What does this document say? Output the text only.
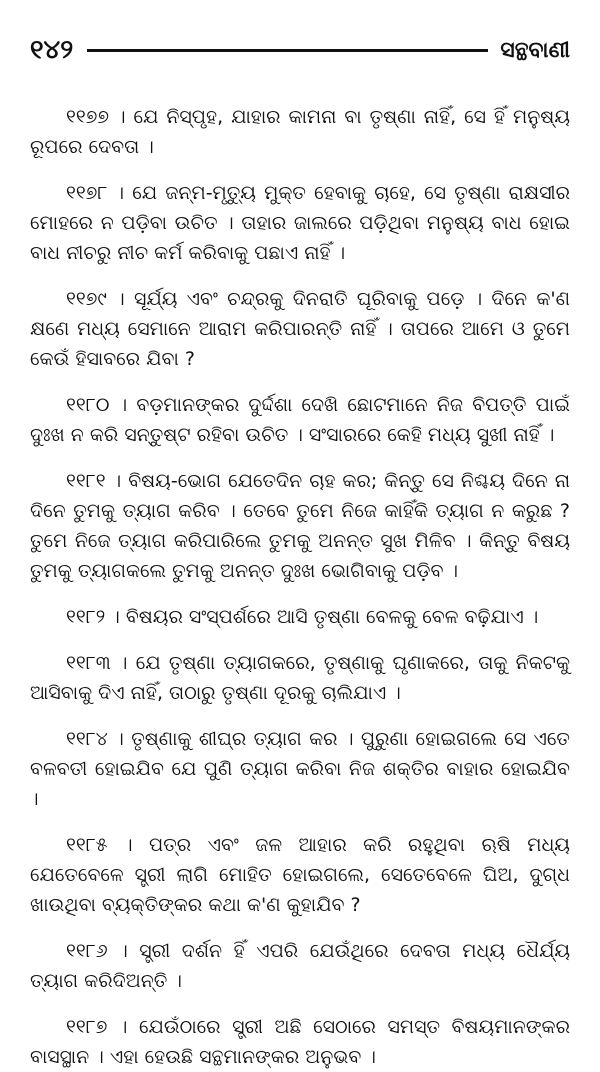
୧୪୨	ସନ୍ଥବାଣୀ

୧୧୭୭ । ଯେ ନିସ୍ପୃହ, ଯାହାର କାମନା ବା ତୃଷ୍ଣା ନାହିଁ, ସେ ହିଁ ମନୁଷ୍ୟ ରୂପରେ ଦେବତା ।

୧୧୭୮ । ଯେ ଜନ୍ମ-ମୃତ୍ୟୁ ମୁକ୍ତ ହେବାକୁ ଚାହେ, ସେ ତୃଷ୍ଣା ରାକ୍ଷସୀର ମୋହରେ ନ ପଡ଼ିବା ଉଚିତ । ତାହାର ଜାଲରେ ପଡ଼ିଥିବା ମନୁଷ୍ୟ ବାଧ ହୋଇ ବାଧ ନୀଚରୁ ନୀଚ କର୍ମ କରିବାକୁ ପଛାଏ ନାହିଁ ।

୧୧୭୯ । ସୂର୍ଯ୍ୟ ଏବଂ ଚନ୍ଦ୍ରକୁ ଦିନରାତି ଘୂରିବାକୁ ପଡ଼େ । ଦିନେ କ'ଣ କ୍ଷଣେ ମଧ୍ୟ ସେମାନେ ଆରାମ କରିପାରନ୍ତି ନାହିଁ । ତାପରେ ଆମେ ଓ ତୁମେ କେଉଁ ହିସାବରେ ଯିବା ?

୧୧୮୦ । ବଡ଼ମାନଙ୍କର ଦୁର୍ଦ୍ଦଶା ଦେଖି ଛୋଟମାନେ ନିଜ ବିପତ୍ତି ପାଇଁ ଦୁଃଖ ନ କରି ସନ୍ତୁଷ୍ଟ ରହିବା ଉଚିତ । ସଂସାରରେ କେହି ମଧ୍ୟ ସୁଖୀ ନାହିଁ ।

୧୧୮୧ । ବିଷୟ-ଭୋଗ ଯେତେଦିନ ଚାହ କର; କିନ୍ତୁ ସେ ନିଶ୍ଚୟ ଦିନେ ନା ଦିନେ ତୁମକୁ ତ୍ୟାଗ କରିବ । ତେବେ ତୁମେ ନିଜେ କାହିଁକି ତ୍ୟାଗ ନ କରୁଛ ? ତୁମେ ନିଜେ ତ୍ୟାଗ କରିପାରିଲେ ତୁମକୁ ଅନନ୍ତ ସୁଖ ମିଳିବ । କିନ୍ତୁ ବିଷୟ ତୁମକୁ ତ୍ୟାଗକଲେ ତୁମକୁ ଅନନ୍ତ ଦୁଃଖ ଭୋଗିବାକୁ ପଡ଼ିବ ।

୧୧୮୨ । ବିଷୟର ସଂସ୍ପର୍ଶରେ ଆସି ତୃଷ୍ଣା ବେଳକୁ ବେଳ ବଢ଼ିଯାଏ ।

୧୧୮୩ । ଯେ ତୃଷ୍ଣା ତ୍ୟାଗକରେ, ତୃଷ୍ଣାକୁ ଘୃଣାକରେ, ତାକୁ ନିକଟକୁ ଆସିବାକୁ ଦିଏ ନାହିଁ, ତାଠାରୁ ତୃଷ୍ଣା ଦୂରକୁ ଚାଲିଯାଏ ।

୧୧୮୪ । ତୃଷ୍ଣାକୁ ଶୀଘ୍ର ତ୍ୟାଗ କର । ପୁରୁଣା ହୋଇଗଲେ ସେ ଏତେ ବଳବତୀ ହୋଇଯିବ ଯେ ପୁଣି ତ୍ୟାଗ କରିବା ନିଜ ଶକ୍ତିର ବାହାର ହୋଇଯିବ ।

୧୧୮୫ । ପତ୍ର ଏବଂ ଜଳ ଆହାର କରି ରହୁଥିବା ଋଷି ମଧ୍ୟ ଯେତେବେଳେ ସ୍ତ୍ରୀ ଲାଗି ମୋହିତ ହୋଇଗଲେ, ସେତେବେଳେ ଘିଅ, ଦୁଗ୍ଧ ଖାଉଥିବା ବ୍ୟକ୍ତିଙ୍କର କଥା କ'ଣ କୁହାଯିବ ?

୧୧୮୬ । ସ୍ତ୍ରୀ ଦର୍ଶନ ହିଁ ଏପରି ଯେଉଁଥିରେ ଦେବତା ମଧ୍ୟ ଧୈର୍ଯ୍ୟ ତ୍ୟାଗ କରିଦିଅନ୍ତି ।

୧୧୮୭ । ଯେଉଁଠାରେ ସ୍ତ୍ରୀ ଅଛି ସେଠାରେ ସମସ୍ତ ବିଷୟମାନଙ୍କର ବାସସ୍ଥାନ । ଏହା ହେଉଛି ସନ୍ଥମାନଙ୍କର ଅନୁଭବ ।
